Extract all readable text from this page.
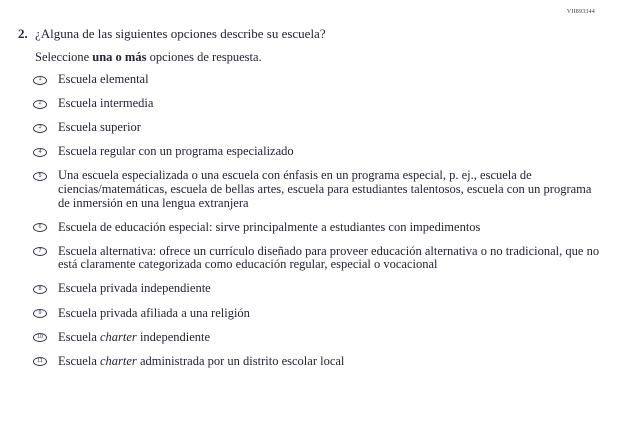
VII893344
2. ¿Alguna de las siguientes opciones describe su escuela?
Seleccione una o más opciones de respuesta.
1 Escuela elemental
2 Escuela intermedia
3 Escuela superior
4 Escuela regular con un programa especializado
5 Una escuela especializada o una escuela con énfasis en un programa especial, p. ej., escuela de ciencias/matemáticas, escuela de bellas artes, escuela para estudiantes talentosos, escuela con un programa de inmersión en una lengua extranjera
6 Escuela de educación especial: sirve principalmente a estudiantes con impedimentos
7 Escuela alternativa: ofrece un currículo diseñado para proveer educación alternativa o no tradicional, que no está claramente categorizada como educación regular, especial o vocacional
8 Escuela privada independiente
9 Escuela privada afiliada a una religión
10 Escuela charter independiente
11 Escuela charter administrada por un distrito escolar local
